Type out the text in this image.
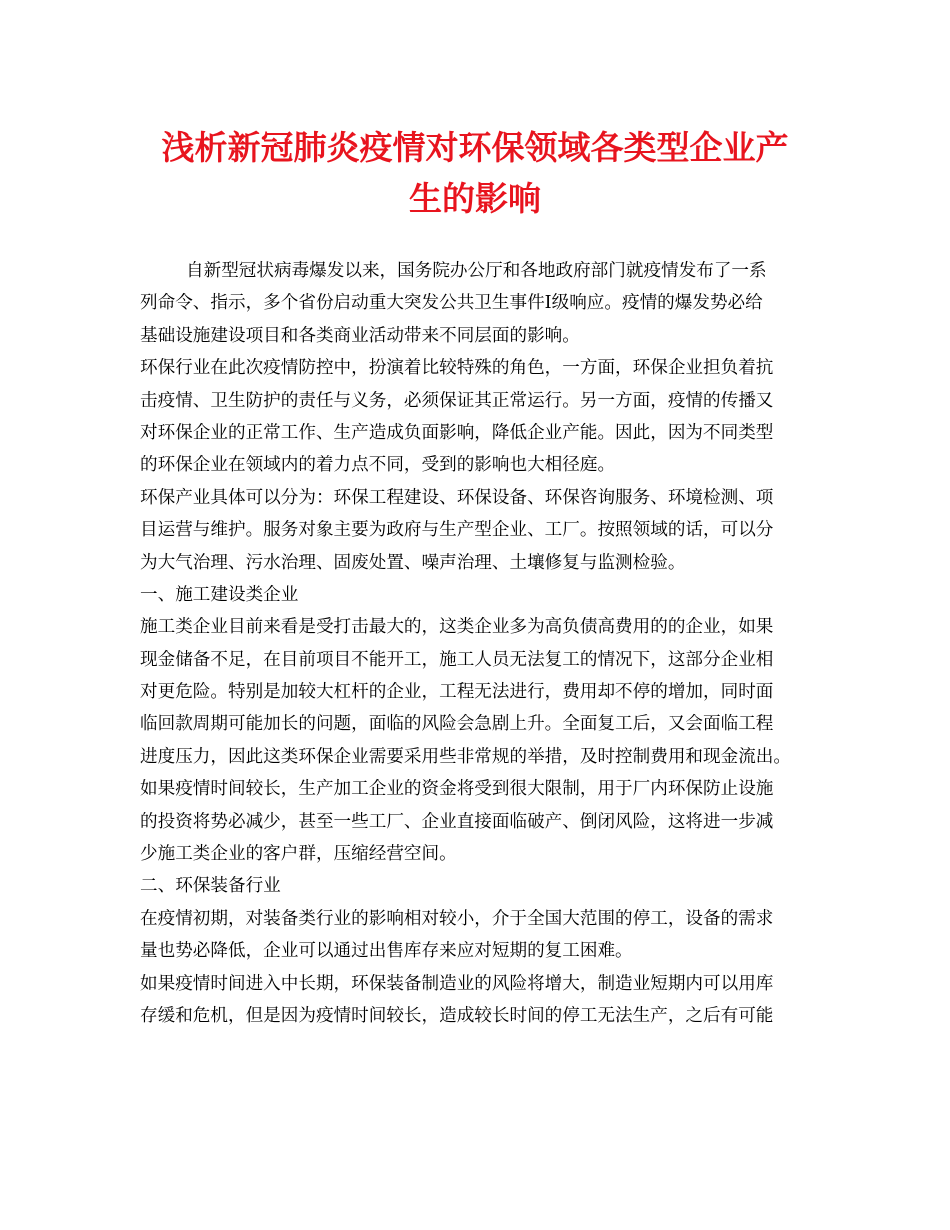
浅析新冠肺炎疫情对环保领域各类型企业产
生的影响
自新型冠状病毒爆发以来，国务院办公厅和各地政府部门就疫情发布了一系
列命令、指示，多个省份启动重大突发公共卫生事件Ⅰ级响应。疫情的爆发势必给
基础设施建设项目和各类商业活动带来不同层面的影响。
环保行业在此次疫情防控中，扮演着比较特殊的角色，一方面，环保企业担负着抗
击疫情、卫生防护的责任与义务，必须保证其正常运行。另一方面，疫情的传播又
对环保企业的正常工作、生产造成负面影响，降低企业产能。因此，因为不同类型
的环保企业在领域内的着力点不同，受到的影响也大相径庭。
环保产业具体可以分为：环保工程建设、环保设备、环保咨询服务、环境检测、项
目运营与维护。服务对象主要为政府与生产型企业、工厂。按照领域的话，可以分
为大气治理、污水治理、固废处置、噪声治理、土壤修复与监测检验。
一、施工建设类企业
施工类企业目前来看是受打击最大的，这类企业多为高负债高费用的的企业，如果
现金储备不足，在目前项目不能开工，施工人员无法复工的情况下，这部分企业相
对更危险。特别是加较大杠杆的企业，工程无法进行，费用却不停的增加，同时面
临回款周期可能加长的问题，面临的风险会急剧上升。全面复工后，又会面临工程
进度压力，因此这类环保企业需要采用些非常规的举措，及时控制费用和现金流出。
如果疫情时间较长，生产加工企业的资金将受到很大限制，用于厂内环保防止设施
的投资将势必减少，甚至一些工厂、企业直接面临破产、倒闭风险，这将进一步减
少施工类企业的客户群，压缩经营空间。
二、环保装备行业
在疫情初期，对装备类行业的影响相对较小，介于全国大范围的停工，设备的需求
量也势必降低，企业可以通过出售库存来应对短期的复工困难。
如果疫情时间进入中长期，环保装备制造业的风险将增大，制造业短期内可以用库
存缓和危机，但是因为疫情时间较长，造成较长时间的停工无法生产，之后有可能
